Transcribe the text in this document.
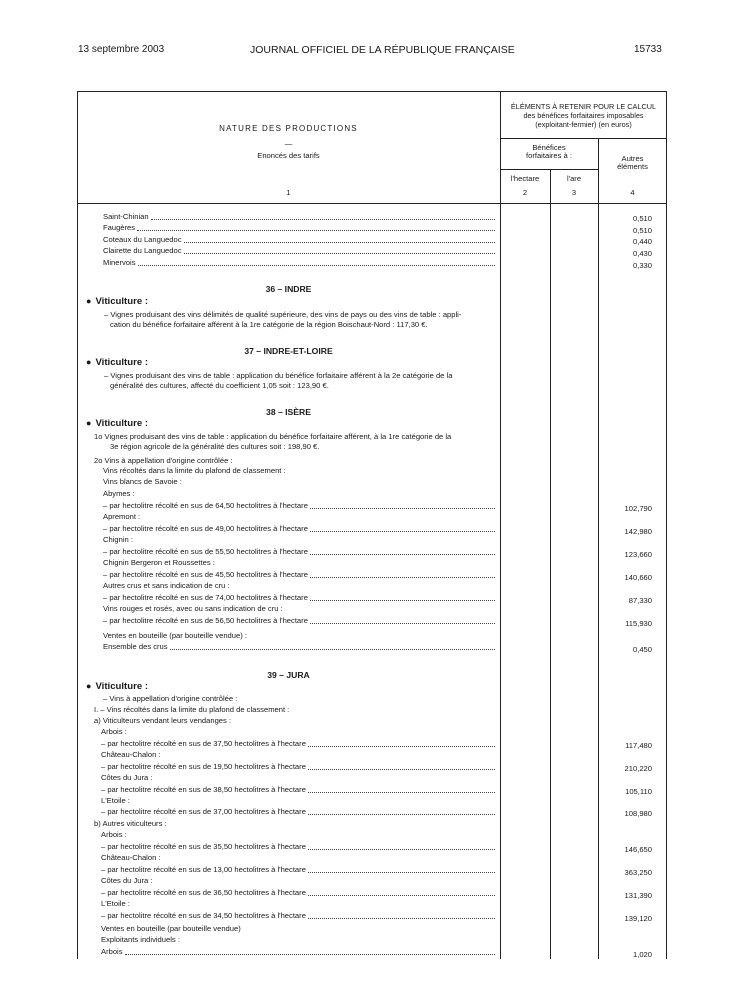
13 septembre 2003	JOURNAL OFFICIEL DE LA RÉPUBLIQUE FRANÇAISE	15733
NATURE DES PRODUCTIONS
—
Enoncés des tarifs
1
ÉLÉMENTS À RETENIR POUR LE CALCUL
des bénéfices forfaitaires imposables
(exploitant-fermier) (en euros)
Bénéfices
forfaitaires à :
l'hectare	l'are
Autres
éléments
2	3	4
Saint-Chinian	0,510
Faugères	0,510
Coteaux du Languedoc	0,440
Clairette du Languedoc	0,430
Minervois	0,330
36 – INDRE
● Viticulture :
– Vignes produisant des vins délimités de qualité supérieure, des vins de pays ou des vins de table : appli-
cation du bénéfice forfaitaire afférent à la 1re catégorie de la région Boischaut-Nord : 117,30 €.
37 – INDRE-ET-LOIRE
● Viticulture :
– Vignes produisant des vins de table : application du bénéfice forfaitaire afférent à la 2e catégorie de la
généralité des cultures, affecté du coefficient 1,05 soit : 123,90 €.
38 – ISÈRE
● Viticulture :
1o Vignes produisant des vins de table : application du bénéfice forfaitaire afférent, à la 1re catégorie de la
3e région agricole de la généralité des cultures soit : 198,90 €.
2o Vins à appellation d'origine contrôlée :
Vins récoltés dans la limite du plafond de classement :
Vins blancs de Savoie :
Abymes :
– par hectolitre récolté en sus de 64,50 hectolitres à l'hectare	102,790
Apremont :
– par hectolitre récolté en sus de 49,00 hectolitres à l'hectare	142,980
Chignin :
– par hectolitre récolté en sus de 55,50 hectolitres à l'hectare	123,660
Chignin Bergeron et Roussettes :
– par hectolitre récolté en sus de 45,50 hectolitres à l'hectare	140,660
Autres crus et sans indication de cru :
– par hectolitre récolté en sus de 74,00 hectolitres à l'hectare	87,330
Vins rouges et rosés, avec ou sans indication de cru :
– par hectolitre récolté en sus de 56,50 hectolitres à l'hectare	115,930
Ventes en bouteille (par bouteille vendue) :
Ensemble des crus	0,450
39 – JURA
● Viticulture :
– Vins à appellation d'origine contrôlée :
I. – Vins récoltés dans la limite du plafond de classement :
a) Viticulteurs vendant leurs vendanges :
Arbois :
– par hectolitre récolté en sus de 37,50 hectolitres à l'hectare	117,480
Château-Chalon :
– par hectolitre récolté en sus de 19,50 hectolitres à l'hectare	210,220
Côtes du Jura :
– par hectolitre récolté en sus de 38,50 hectolitres à l'hectare	105,110
L'Etoile :
– par hectolitre récolté en sus de 37,00 hectolitres à l'hectare	108,980
b) Autres viticulteurs :
Arbois :
– par hectolitre récolté en sus de 35,50 hectolitres à l'hectare	146,650
Château-Chalon :
– par hectolitre récolté en sus de 13,00 hectolitres à l'hectare	363,250
Côtes du Jura :
– par hectolitre récolté en sus de 36,50 hectolitres à l'hectare	131,390
L'Etoile :
– par hectolitre récolté en sus de 34,50 hectolitres à l'hectare	139,120
Ventes en bouteille (par bouteille vendue)
Exploitants individuels :
Arbois	1,020
